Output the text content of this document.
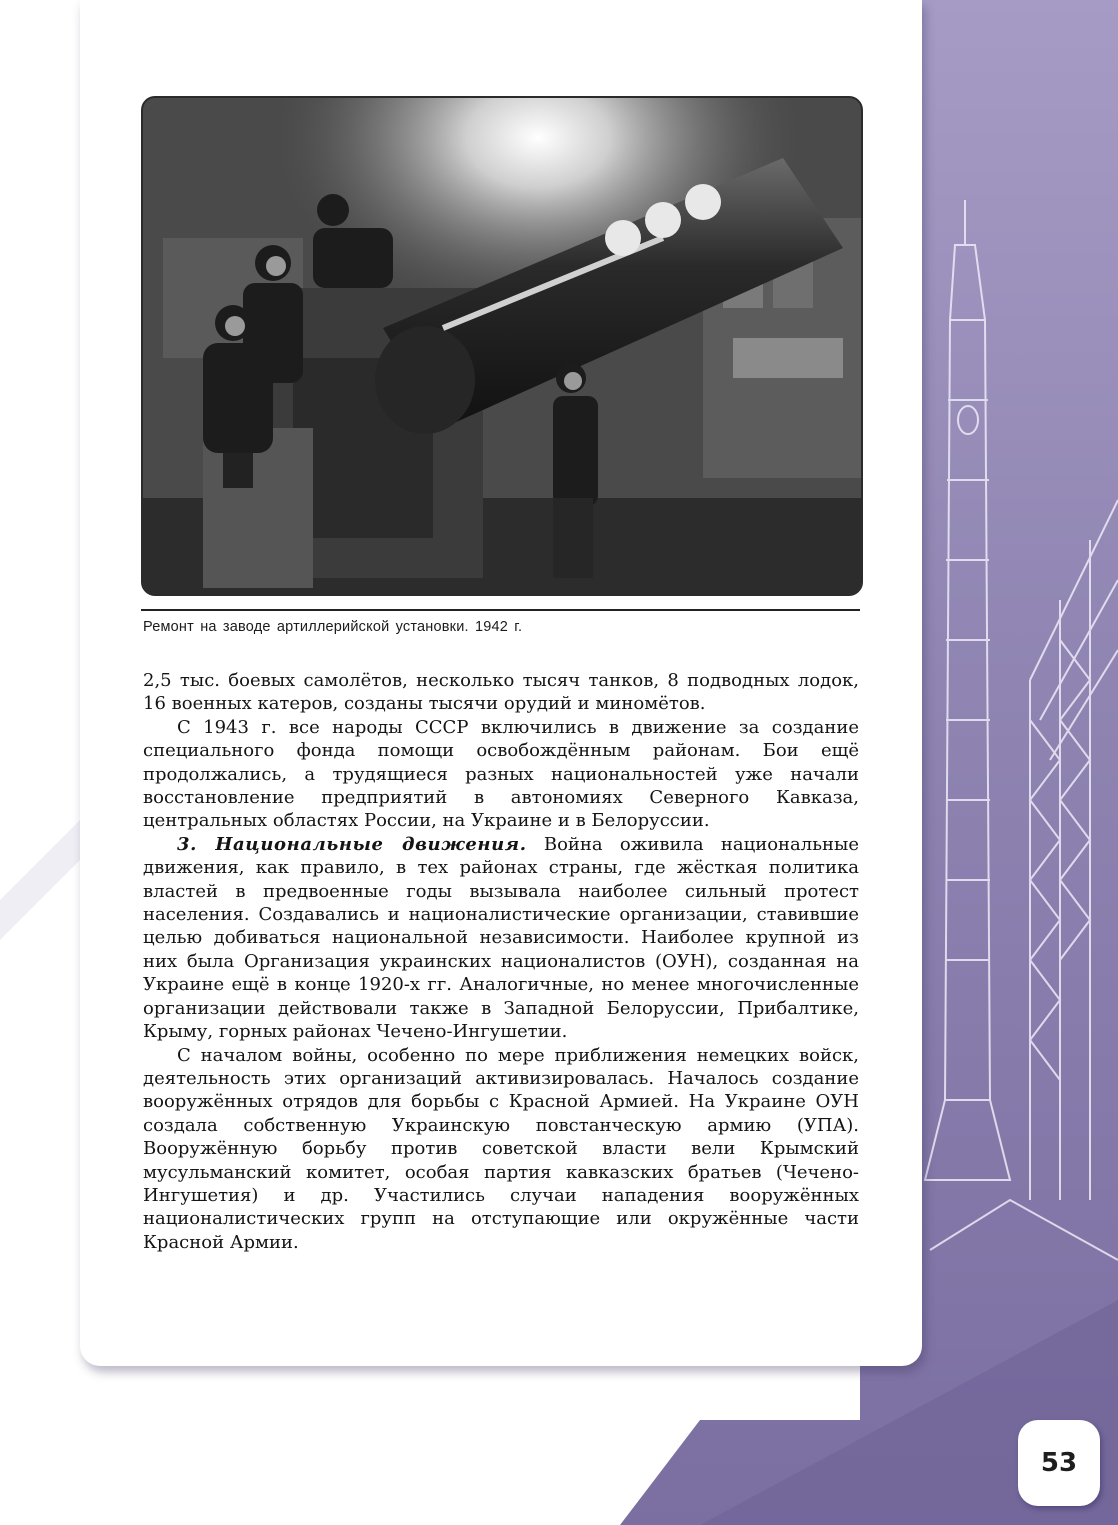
Ремонт на заводе артиллерийской установки. 1942 г.

2,5 тыс. боевых самолётов, несколько тысяч танков, 8 подводных лодок, 16 военных катеров, созданы тысячи орудий и миномётов.

С 1943 г. все народы СССР включились в движение за создание специального фонда помощи освобождённым районам. Бои ещё продолжались, а трудящиеся разных национальностей уже начали восстановление предприятий в автономиях Северного Кавказа, центральных областях России, на Украине и в Белоруссии.

3. Национальные движения. Война оживила национальные движения, как правило, в тех районах страны, где жёсткая политика властей в предвоенные годы вызывала наиболее сильный протест населения. Создавались и националистические организации, ставившие целью добиваться национальной независимости. Наиболее крупной из них была Организация украинских националистов (ОУН), созданная на Украине ещё в конце 1920-х гг. Аналогичные, но менее многочисленные организации действовали также в Западной Белоруссии, Прибалтике, Крыму, горных районах Чечено-Ингушетии.

С началом войны, особенно по мере приближения немецких войск, деятельность этих организаций активизировалась. Началось создание вооружённых отрядов для борьбы с Красной Армией. На Украине ОУН создала собственную Украинскую повстанческую армию (УПА). Вооружённую борьбу против советской власти вели Крымский мусульманский комитет, особая партия кавказских братьев (Чечено-Ингушетия) и др. Участились случаи нападения вооружённых националистических групп на отступающие или окружённые части Красной Армии.

53
